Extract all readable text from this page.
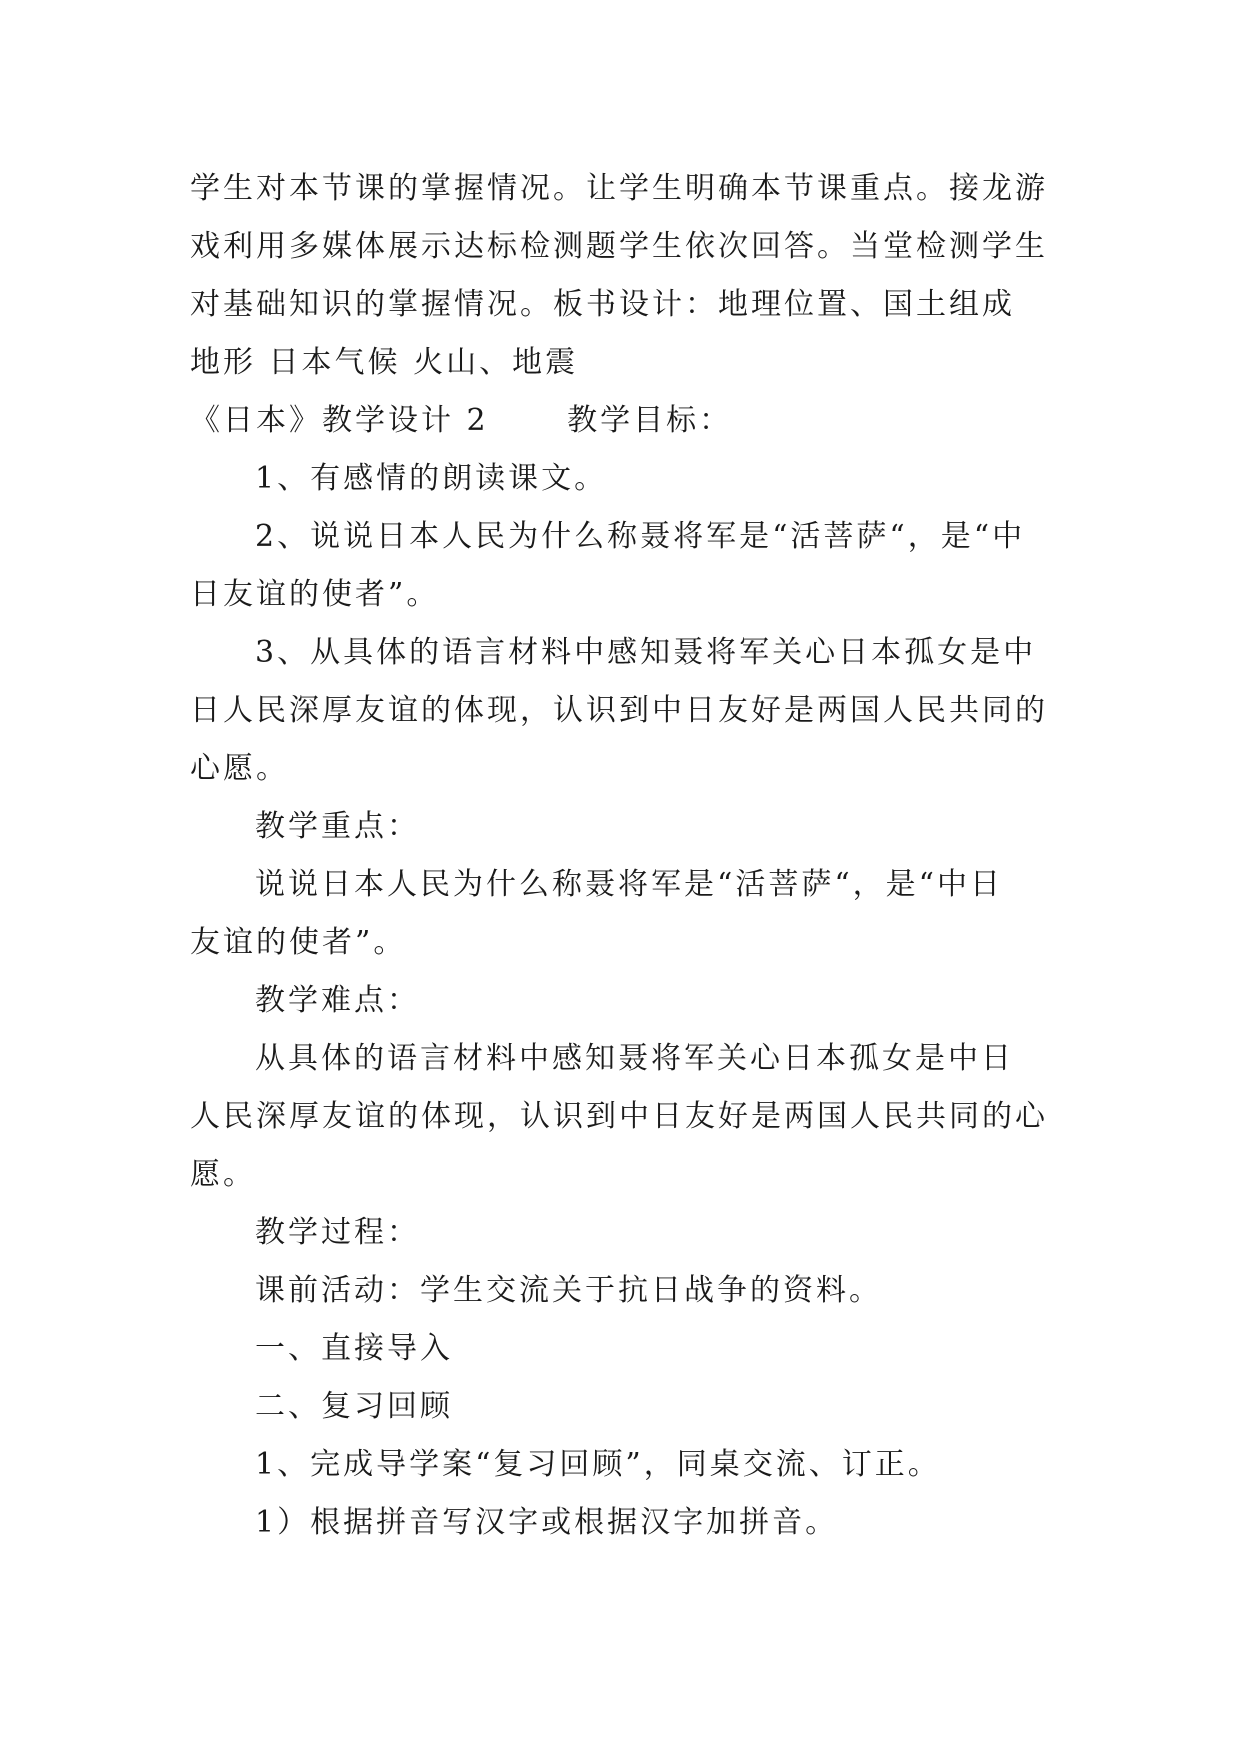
学生对本节课的掌握情况。让学生明确本节课重点。接龙游
戏利用多媒体展示达标检测题学生依次回答。当堂检测学生
对基础知识的掌握情况。板书设计：地理位置、国土组成
地形 日本气候 火山、地震
《日本》教学设计 2　　 教学目标：
1、有感情的朗读课文。
2、说说日本人民为什么称聂将军是“活菩萨“，是“中
日友谊的使者”。
3、从具体的语言材料中感知聂将军关心日本孤女是中
日人民深厚友谊的体现，认识到中日友好是两国人民共同的
心愿。
教学重点：
说说日本人民为什么称聂将军是“活菩萨“，是“中日
友谊的使者”。
教学难点：
从具体的语言材料中感知聂将军关心日本孤女是中日
人民深厚友谊的体现，认识到中日友好是两国人民共同的心
愿。
教学过程：
课前活动：学生交流关于抗日战争的资料。
一、直接导入
二、复习回顾
1、完成导学案“复习回顾”，同桌交流、订正。
1）根据拼音写汉字或根据汉字加拼音。
